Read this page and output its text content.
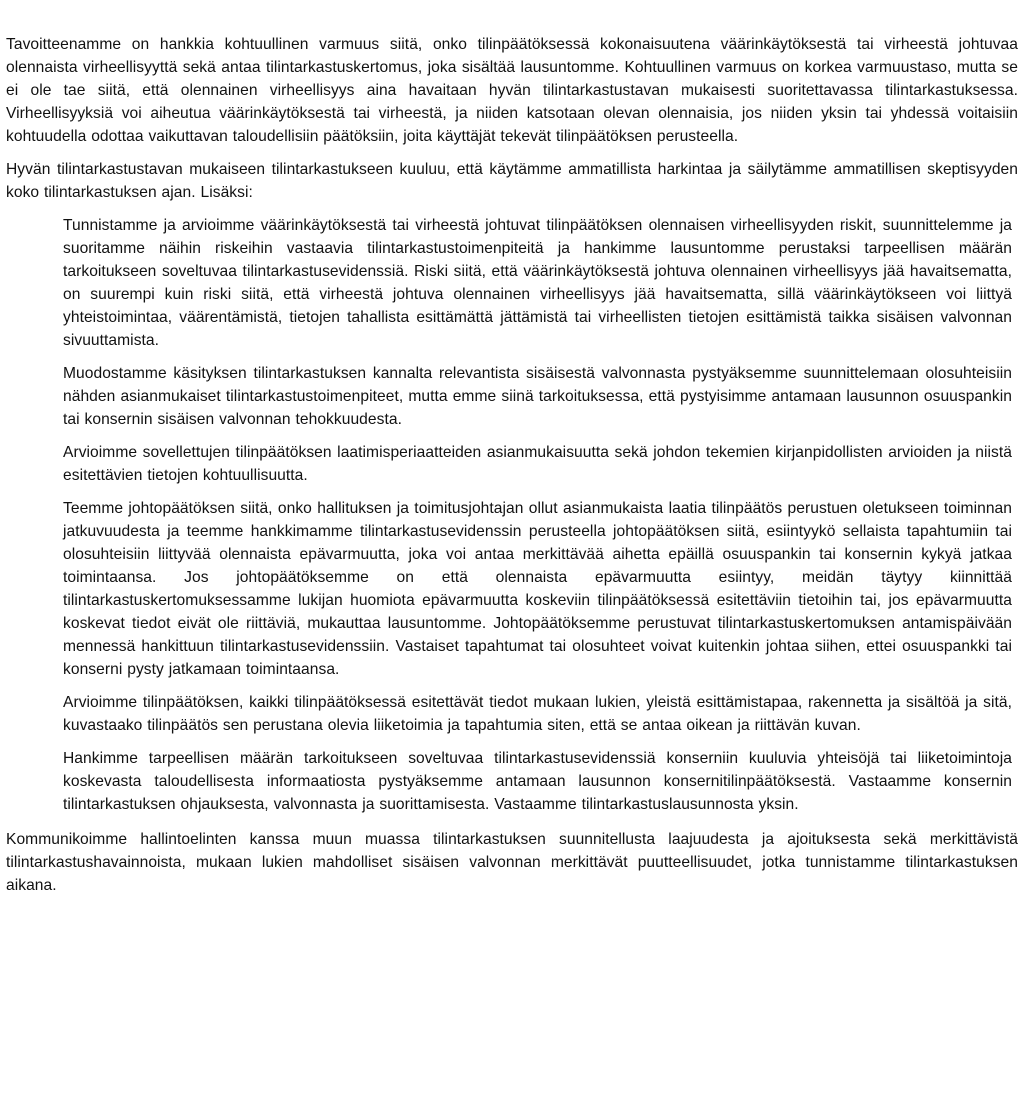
Tavoitteenamme on hankkia kohtuullinen varmuus siitä, onko tilinpäätöksessä kokonaisuutena väärinkäytöksestä tai virheestä johtuvaa olennaista virheellisyyttä sekä antaa tilintarkastuskertomus, joka sisältää lausuntomme. Kohtuullinen varmuus on korkea varmuustaso, mutta se ei ole tae siitä, että olennainen virheellisyys aina havaitaan hyvän tilintarkastustavan mukaisesti suoritettavassa tilintarkastuksessa. Virheellisyyksiä voi aiheutua väärinkäytöksestä tai virheestä, ja niiden katsotaan olevan olennaisia, jos niiden yksin tai yhdessä voitaisiin kohtuudella odottaa vaikuttavan taloudellisiin päätöksiin, joita käyttäjät tekevät tilinpäätöksen perusteella.

Hyvän tilintarkastustavan mukaiseen tilintarkastukseen kuuluu, että käytämme ammatillista harkintaa ja säilytämme ammatillisen skeptisyyden koko tilintarkastuksen ajan. Lisäksi:

Tunnistamme ja arvioimme väärinkäytöksestä tai virheestä johtuvat tilinpäätöksen olennaisen virheellisyyden riskit, suunnittelemme ja suoritamme näihin riskeihin vastaavia tilintarkastustoimenpiteitä ja hankimme lausuntomme perustaksi tarpeellisen määrän tarkoitukseen soveltuvaa tilintarkastusevidenssiä. Riski siitä, että väärinkäytöksestä johtuva olennainen virheellisyys jää havaitsematta, on suurempi kuin riski siitä, että virheestä johtuva olennainen virheellisyys jää havaitsematta, sillä väärinkäytökseen voi liittyä yhteistoimintaa, väärentämistä, tietojen tahallista esittämättä jättämistä tai virheellisten tietojen esittämistä taikka sisäisen valvonnan sivuuttamista.

Muodostamme käsityksen tilintarkastuksen kannalta relevantista sisäisestä valvonnasta pystyäksemme suunnittelemaan olosuhteisiin nähden asianmukaiset tilintarkastustoimenpiteet, mutta emme siinä tarkoituksessa, että pystyisimme antamaan lausunnon osuuspankin tai konsernin sisäisen valvonnan tehokkuudesta.

Arvioimme sovellettujen tilinpäätöksen laatimisperiaatteiden asianmukaisuutta sekä johdon tekemien kirjanpidollisten arvioiden ja niistä esitettävien tietojen kohtuullisuutta.

Teemme johtopäätöksen siitä, onko hallituksen ja toimitusjohtajan ollut asianmukaista laatia tilinpäätös perustuen oletukseen toiminnan jatkuvuudesta ja teemme hankkimamme tilintarkastusevidenssin perusteella johtopäätöksen siitä, esiintyykö sellaista tapahtumiin tai olosuhteisiin liittyvää olennaista epävarmuutta, joka voi antaa merkittävää aihetta epäillä osuuspankin tai konsernin kykyä jatkaa toimintaansa. Jos johtopäätöksemme on että olennaista epävarmuutta esiintyy, meidän täytyy kiinnittää tilintarkastuskertomuksessamme lukijan huomiota epävarmuutta koskeviin tilinpäätöksessä esitettäviin tietoihin tai, jos epävarmuutta koskevat tiedot eivät ole riittäviä, mukauttaa lausuntomme. Johtopäätöksemme perustuvat tilintarkastuskertomuksen antamispäivään mennessä hankittuun tilintarkastusevidenssiin. Vastaiset tapahtumat tai olosuhteet voivat kuitenkin johtaa siihen, ettei osuuspankki tai konserni pysty jatkamaan toimintaansa.

Arvioimme tilinpäätöksen, kaikki tilinpäätöksessä esitettävät tiedot mukaan lukien, yleistä esittämistapaa, rakennetta ja sisältöä ja sitä, kuvastaako tilinpäätös sen perustana olevia liiketoimia ja tapahtumia siten, että se antaa oikean ja riittävän kuvan.

Hankimme tarpeellisen määrän tarkoitukseen soveltuvaa tilintarkastusevidenssiä konserniin kuuluvia yhteisöjä tai liiketoimintoja koskevasta taloudellisesta informaatiosta pystyäksemme antamaan lausunnon konsernitilinpäätöksestä. Vastaamme konsernin tilintarkastuksen ohjauksesta, valvonnasta ja suorittamisesta. Vastaamme tilintarkastuslausunnosta yksin.

Kommunikoimme hallintoelinten kanssa muun muassa tilintarkastuksen suunnitellusta laajuudesta ja ajoituksesta sekä merkittävistä tilintarkastushavainnoista, mukaan lukien mahdolliset sisäisen valvonnan merkittävät puutteellisuudet, jotka tunnistamme tilintarkastuksen aikana.
